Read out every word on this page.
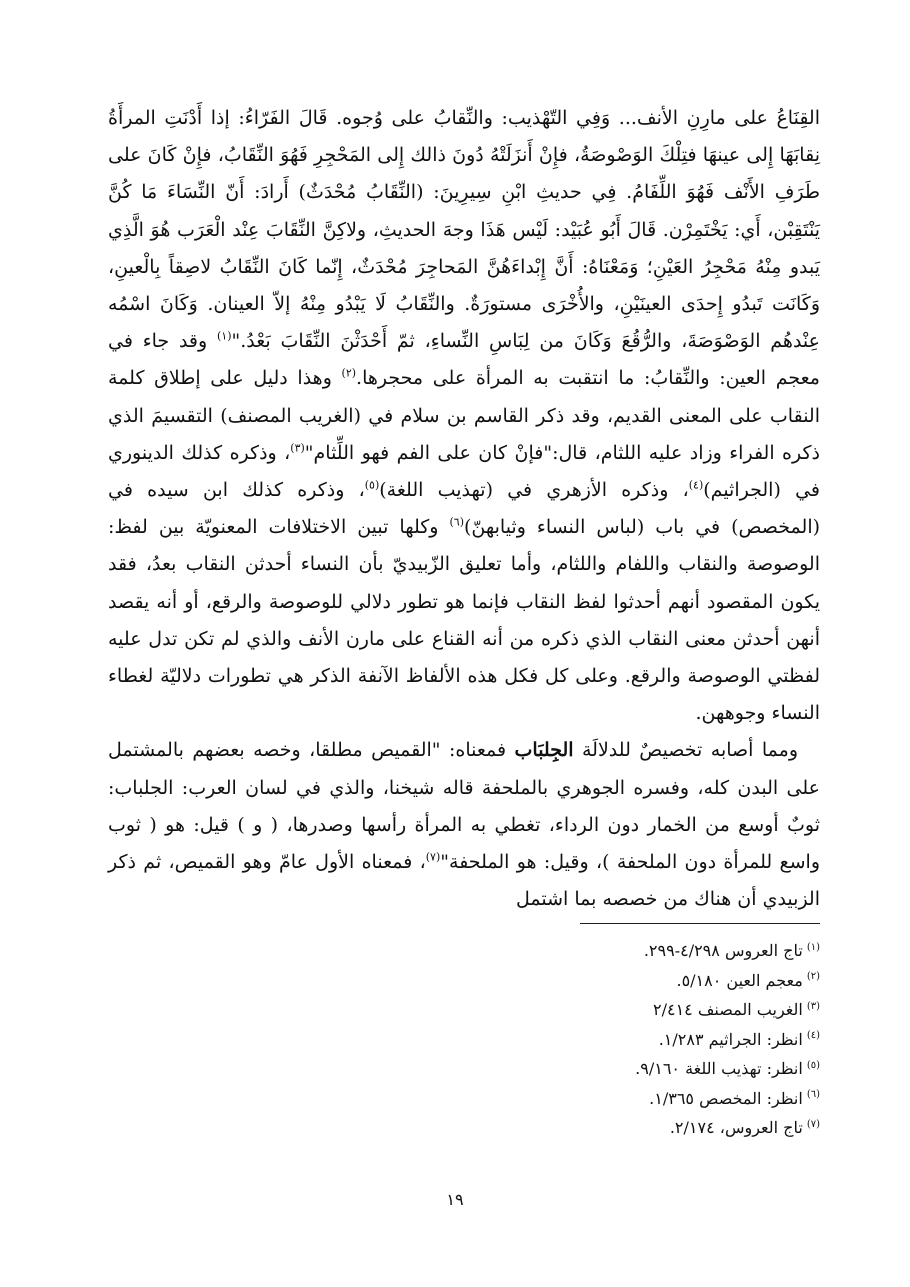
القِنَاعُ على مارِنِ الأنف... وَفِي التّهْذيب: والنِّقابُ على وُجوه. قَالَ الفَرّاءُ: إذا أَدْنَتِ المرأَةُ نِقابَهَا إِلى عينهَا فتِلْكَ الوَصْوصَةُ، فإِنْ أَنزَلَتْهُ دُونَ ذالك إِلى المَحْجِرِ فَهُوَ النِّقَابُ، فإِنْ كَانَ على طَرَفِ الأَنْف فَهُوَ اللِّفَامُ. فِي حديثِ ابْنِ سِيرِينَ: (النِّقَابُ مُحْدَثٌ) أَرادَ: أَنّ النِّسَاءَ مَا كُنَّ يَنْتَقِبْن، أَي: يَخْتَمِرْن. قَالَ أَبُو عُبَيْد: لَيْس هَذَا وجهَ الحديثِ، ولاكِنَّ النِّقَابَ عِنْد الْعَرَب هُوَ الَّذِي يَبدو مِنْهُ مَحْجِرُ العَيْنِ؛ وَمَعْنَاهُ: أَنَّ إِبْداءَهُنَّ المَحاجِرَ مُحْدَثٌ، إِنّما كَانَ النِّقَابُ لاصِقاً بِالْعينِ، وَكَانَت تَبدُو إِحدَى العينَيْنِ، والأُخْرَى مستورَةٌ. والنِّقَابُ لَا يَبْدُو مِنْهُ إلاّ العينان. وَكَانَ اسْمُه عِنْدهُم الوَصْوَصَةَ، والرُّقُعَ وَكَانَ من لِبَاسِ النِّساءِ، ثمّ أَحْدَثْنَ النِّقَابَ بَعْدُ."$^{(١)}$ وقد جاء في معجم العين: والنِّقابُ: ما انتقبت به المرأة على محجرها.$^{(٢)}$ وهذا دليل على إطلاق كلمة النقاب على المعنى القديم، وقد ذكر القاسم بن سلام في (الغريب المصنف) التقسيمَ الذي ذكره الفراء وزاد عليه اللثام، قال:"فإنْ كان على الفم فهو اللِّثام"$^{(٣)}$، وذكره كذلك الدينوري في (الجراثيم)$^{(٤)}$، وذكره الأزهري في (تهذيب اللغة)$^{(٥)}$، وذكره كذلك ابن سيده في (المخصص) في باب (لباس النساء وثيابهنّ)$^{(٦)}$ وكلها تبين الاختلافات المعنويّة بين لفظ: الوصوصة والنقاب واللفام واللثام، وأما تعليق الزّبيديّ بأن النساء أحدثن النقاب بعدُ، فقد يكون المقصود أنهم أحدثوا لفظ النقاب فإنما هو تطور دلالي للوصوصة والرقع، أو أنه يقصد أنهن أحدثن معنى النقاب الذي ذكره من أنه القناع على مارن الأنف والذي لم تكن تدل عليه لفظتي الوصوصة والرقع. وعلى كل فكل هذه الألفاظ الآنفة الذكر هي تطورات دلاليّة لغطاء النساء وجوههن.

ومما أصابه تخصيصٌ للدلالَة الجِلبَاب فمعناه: "القميص مطلقا، وخصه بعضهم بالمشتمل على البدن كله، وفسره الجوهري بالملحفة قاله شيخنا، والذي في لسان العرب: الجلباب: ثوبٌ أوسع من الخمار دون الرداء، تغطي به المرأة رأسها وصدرها، ( و ) قيل: هو ( ثوب واسع للمرأة دون الملحفة )، وقيل: هو الملحفة"$^{(٧)}$، فمعناه الأول عامّ وهو القميص، ثم ذكر الزبيدي أن هناك من خصصه بما اشتمل

$^{(١)}$تاج العروس ٤/٢٩٨-٢٩٩.
$^{(٢)}$معجم العين ٥/١٨٠.
$^{(٣)}$الغريب المصنف ٢/٤١٤
$^{(٤)}$انظر: الجراثيم ١/٢٨٣.
$^{(٥)}$انظر: تهذيب اللغة ٩/١٦٠.
$^{(٦)}$انظر: المخصص ١/٣٦٥.
$^{(٧)}$تاج العروس، ٢/١٧٤.
١٩
